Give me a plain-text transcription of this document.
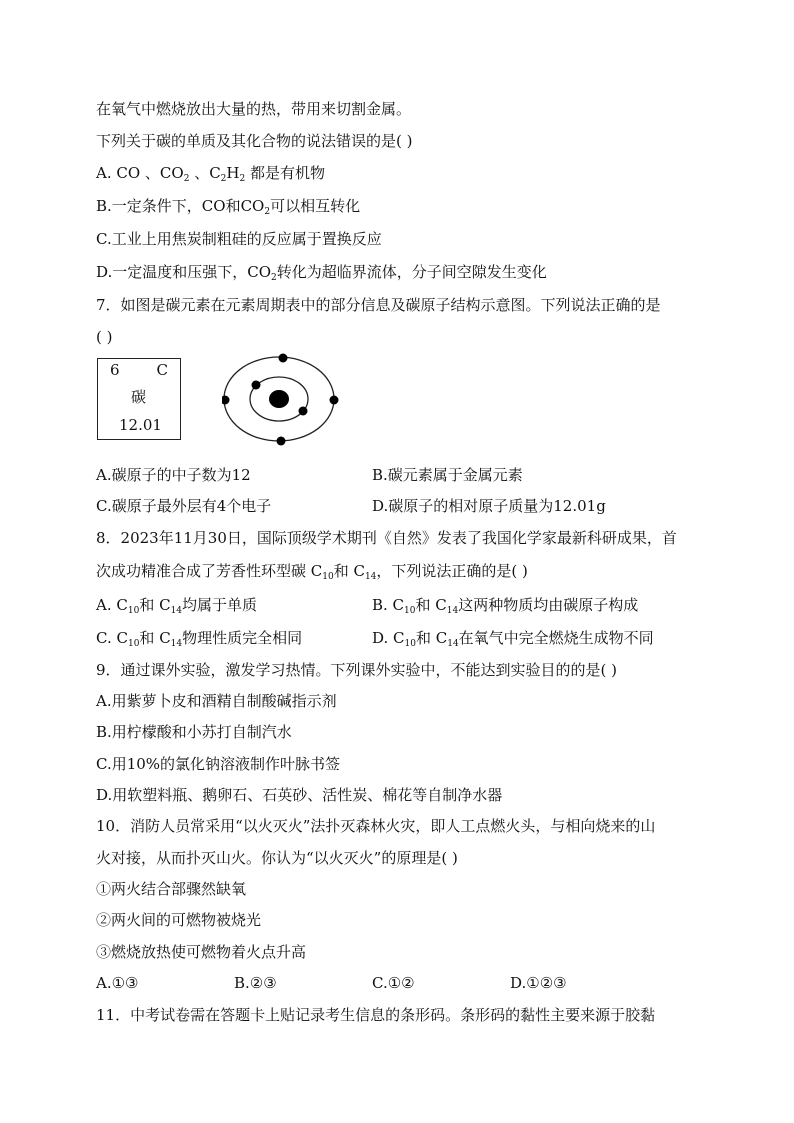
在氧气中燃烧放出大量的热，带用来切割金属。
下列关于碳的单质及其化合物的说法错误的是( )
A. CO 、$CO_2$ 、$C_2H_2$ 都是有机物
B.一定条件下，CO和$CO_2$可以相互转化
C.工业上用焦炭制粗硅的反应属于置换反应
D.一定温度和压强下，$CO_2$转化为超临界流体，分子间空隙发生变化
7．如图是碳元素在元素周期表中的部分信息及碳原子结构示意图。下列说法正确的是
( )
6 C
碳
12.01
A.碳原子的中子数为12	B.碳元素属于金属元素
C.碳原子最外层有4个电子	D.碳原子的相对原子质量为12.01g
8．2023年11月30日，国际顶级学术期刊《自然》发表了我国化学家最新科研成果，首
次成功精准合成了芳香性环型碳 $C_{10}$和 $C_{14}$，下列说法正确的是( )
A. $C_{10}$和 $C_{14}$均属于单质	B. $C_{10}$和 $C_{14}$这两种物质均由碳原子构成
C. $C_{10}$和 $C_{14}$物理性质完全相同	D. $C_{10}$和 $C_{14}$在氧气中完全燃烧生成物不同
9．通过课外实验，激发学习热情。下列课外实验中，不能达到实验目的的是( )
A.用紫萝卜皮和酒精自制酸碱指示剂
B.用柠檬酸和小苏打自制汽水
C.用10%的氯化钠溶液制作叶脉书签
D.用软塑料瓶、鹅卵石、石英砂、活性炭、棉花等自制净水器
10．消防人员常采用“以火灭火”法扑灭森林火灾，即人工点燃火头，与相向烧来的山
火对接，从而扑灭山火。你认为“以火灭火”的原理是( )
①两火结合部骤然缺氧
②两火间的可燃物被烧光
③燃烧放热使可燃物着火点升高
A.①③	B.②③	C.①②	D.①②③
11．中考试卷需在答题卡上贴记录考生信息的条形码。条形码的黏性主要来源于胶黏
